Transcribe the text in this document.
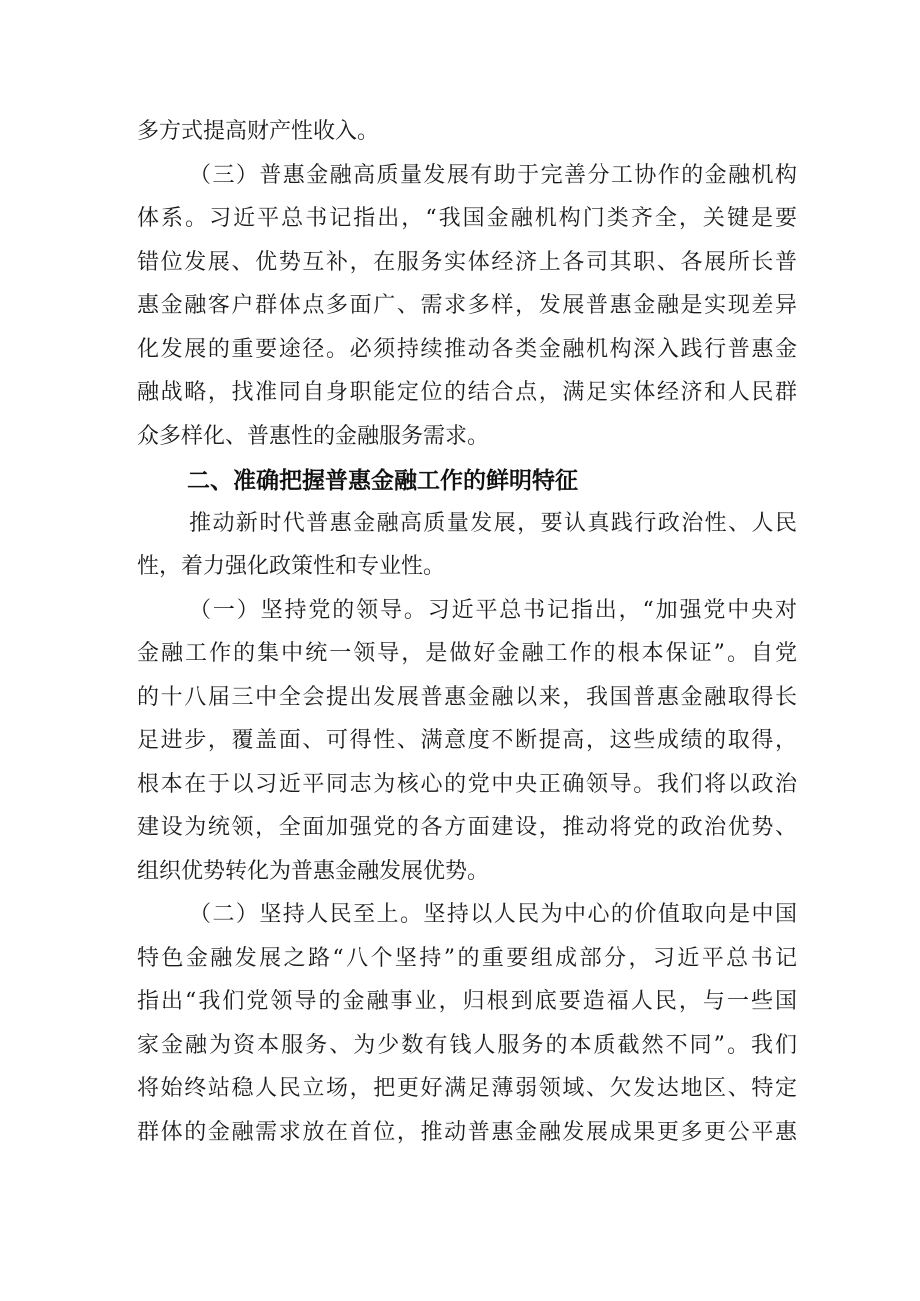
多方式提高财产性收入。
（三）普惠金融高质量发展有助于完善分工协作的金融机构
体系。习近平总书记指出，“我国金融机构门类齐全，关键是要
错位发展、优势互补，在服务实体经济上各司其职、各展所长普
惠金融客户群体点多面广、需求多样，发展普惠金融是实现差异
化发展的重要途径。必须持续推动各类金融机构深入践行普惠金
融战略，找准同自身职能定位的结合点，满足实体经济和人民群
众多样化、普惠性的金融服务需求。
二、准确把握普惠金融工作的鲜明特征
推动新时代普惠金融高质量发展，要认真践行政治性、人民
性，着力强化政策性和专业性。
（一）坚持党的领导。习近平总书记指出，“加强党中央对
金融工作的集中统一领导，是做好金融工作的根本保证”。自党
的十八届三中全会提出发展普惠金融以来，我国普惠金融取得长
足进步，覆盖面、可得性、满意度不断提高，这些成绩的取得，
根本在于以习近平同志为核心的党中央正确领导。我们将以政治
建设为统领，全面加强党的各方面建设，推动将党的政治优势、
组织优势转化为普惠金融发展优势。
（二）坚持人民至上。坚持以人民为中心的价值取向是中国
特色金融发展之路“八个坚持”的重要组成部分，习近平总书记
指出“我们党领导的金融事业，归根到底要造福人民，与一些国
家金融为资本服务、为少数有钱人服务的本质截然不同”。我们
将始终站稳人民立场，把更好满足薄弱领域、欠发达地区、特定
群体的金融需求放在首位，推动普惠金融发展成果更多更公平惠
